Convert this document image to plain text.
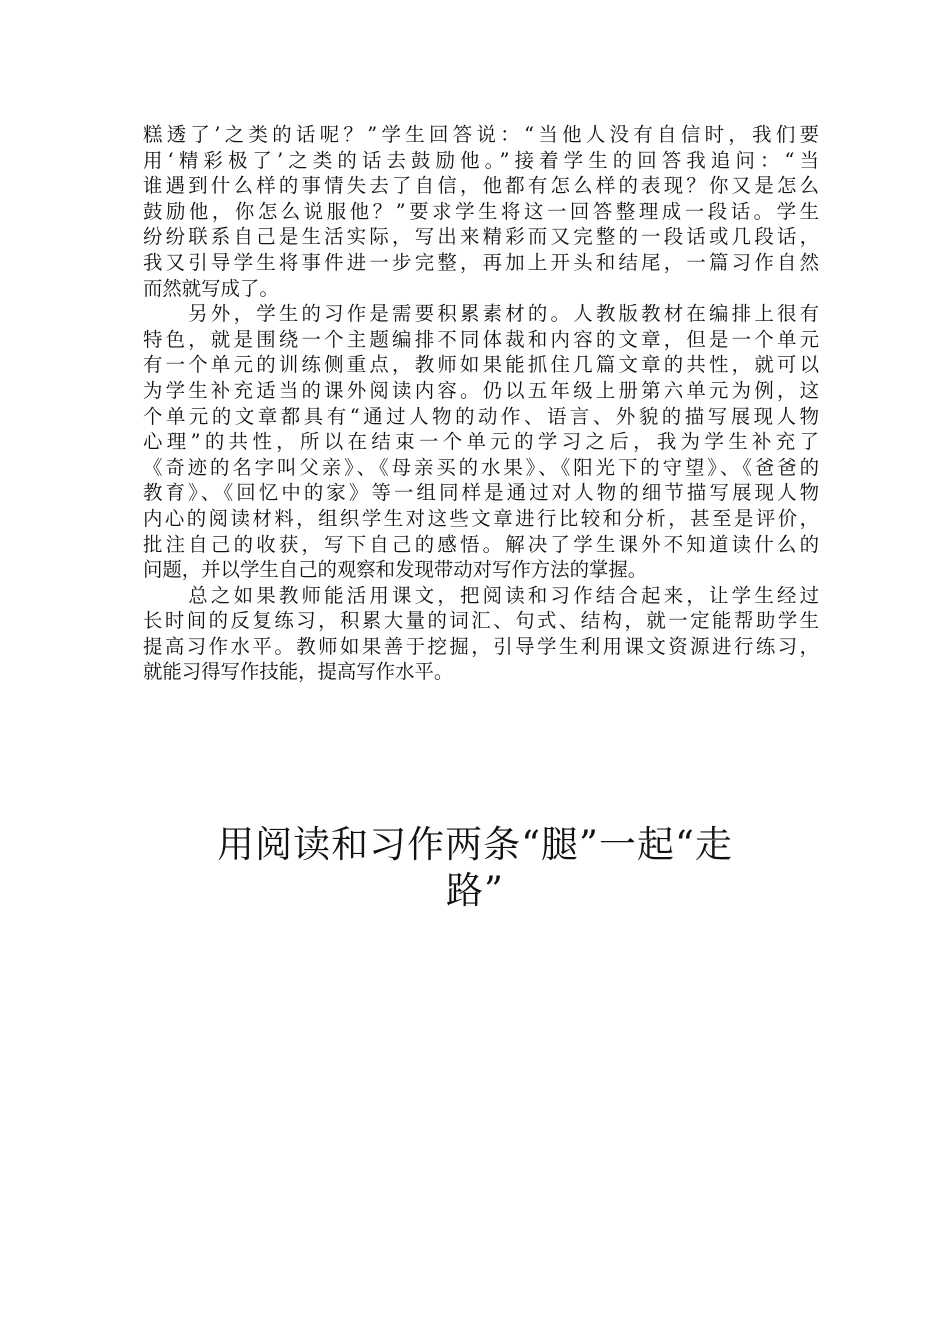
糕透了’之类的话呢？”学生回答说：“当他人没有自信时，我们要
用‘精彩极了’之类的话去鼓励他。”接着学生的回答我追问：“当
谁遇到什么样的事情失去了自信，他都有怎么样的表现？你又是怎么
鼓励他，你怎么说服他？”要求学生将这一回答整理成一段话。学生
纷纷联系自己是生活实际，写出来精彩而又完整的一段话或几段话，
我又引导学生将事件进一步完整，再加上开头和结尾，一篇习作自然
而然就写成了。
　　另外，学生的习作是需要积累素材的。人教版教材在编排上很有
特色，就是围绕一个主题编排不同体裁和内容的文章，但是一个单元
有一个单元的训练侧重点，教师如果能抓住几篇文章的共性，就可以
为学生补充适当的课外阅读内容。仍以五年级上册第六单元为例，这
个单元的文章都具有“通过人物的动作、语言、外貌的描写展现人物
心理”的共性，所以在结束一个单元的学习之后，我为学生补充了
《奇迹的名字叫父亲》、《母亲买的水果》、《阳光下的守望》、《爸爸的
教育》、《回忆中的家》等一组同样是通过对人物的细节描写展现人物
内心的阅读材料，组织学生对这些文章进行比较和分析，甚至是评价，
批注自己的收获，写下自己的感悟。解决了学生课外不知道读什么的
问题，并以学生自己的观察和发现带动对写作方法的掌握。
　　总之如果教师能活用课文，把阅读和习作结合起来，让学生经过
长时间的反复练习，积累大量的词汇、句式、结构，就一定能帮助学生
提高习作水平。教师如果善于挖掘，引导学生利用课文资源进行练习，
就能习得写作技能，提高写作水平。
用阅读和习作两条“腿”一起“走
路”
